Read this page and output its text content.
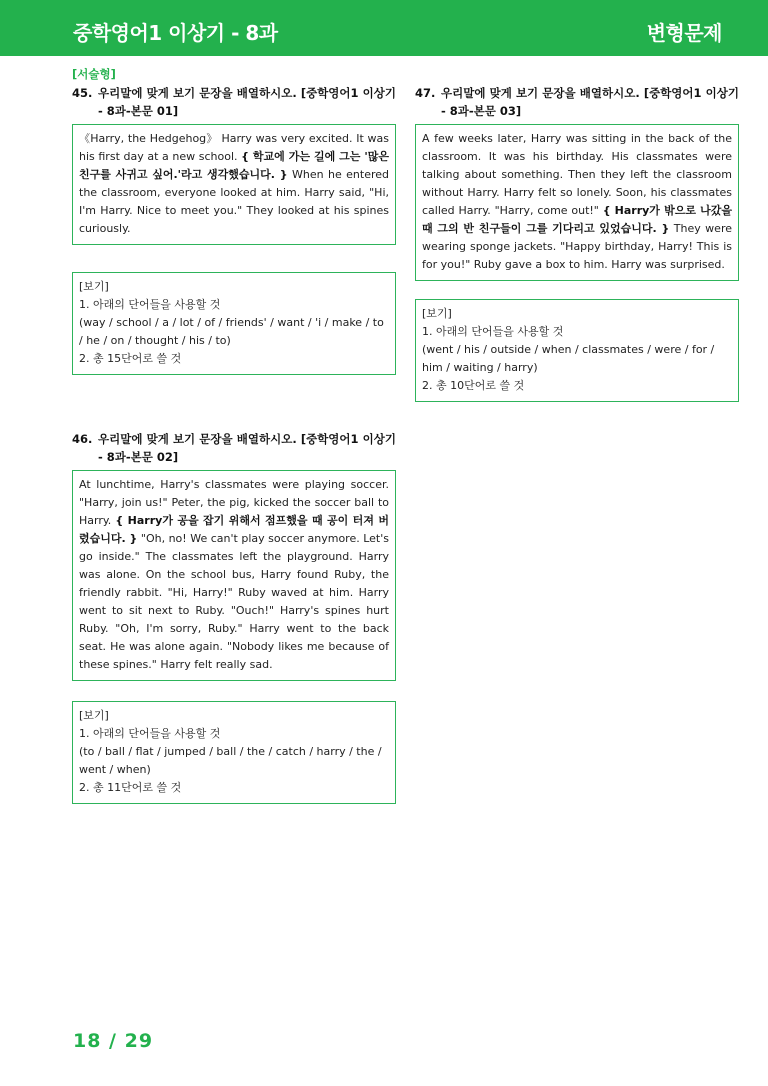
중학영어1 이상기 - 8과	변형문제
[서술형]
45. 우리말에 맞게 보기 문장을 배열하시오. [중학영어1 이상기 - 8과-본문 01]
《Harry, the Hedgehog》 Harry was very excited. It was his first day at a new school. { 학교에 가는 길에 그는 '많은 친구를 사귀고 싶어.'라고 생각했습니다. } When he entered the classroom, everyone looked at him. Harry said, "Hi, I'm Harry. Nice to meet you." They looked at his spines curiously.
[보기]
1. 아래의 단어들을 사용할 것
(way / school / a / lot / of / friends' / want / 'i / make / to / he / on / thought / his / to)
2. 총 15단어로 쓸 것
46. 우리말에 맞게 보기 문장을 배열하시오. [중학영어1 이상기 - 8과-본문 02]
At lunchtime, Harry's classmates were playing soccer. "Harry, join us!" Peter, the pig, kicked the soccer ball to Harry. { Harry가 공을 잡기 위해서 점프했을 때 공이 터져 버렸습니다. } "Oh, no! We can't play soccer anymore. Let's go inside." The classmates left the playground. Harry was alone. On the school bus, Harry found Ruby, the friendly rabbit. "Hi, Harry!" Ruby waved at him. Harry went to sit next to Ruby. "Ouch!" Harry's spines hurt Ruby. "Oh, I'm sorry, Ruby." Harry went to the back seat. He was alone again. "Nobody likes me because of these spines." Harry felt really sad.
[보기]
1. 아래의 단어들을 사용할 것
(to / ball / flat / jumped / ball / the / catch / harry / the / went / when)
2. 총 11단어로 쓸 것
47. 우리말에 맞게 보기 문장을 배열하시오. [중학영어1 이상기 - 8과-본문 03]
A few weeks later, Harry was sitting in the back of the classroom. It was his birthday. His classmates were talking about something. Then they left the classroom without Harry. Harry felt so lonely. Soon, his classmates called Harry. "Harry, come out!" { Harry가 밖으로 나갔을 때 그의 반 친구들이 그를 기다리고 있었습니다. } They were wearing sponge jackets. "Happy birthday, Harry! This is for you!" Ruby gave a box to him. Harry was surprised.
[보기]
1. 아래의 단어들을 사용할 것
(went / his / outside / when / classmates / were / for / him / waiting / harry)
2. 총 10단어로 쓸 것
18 / 29
